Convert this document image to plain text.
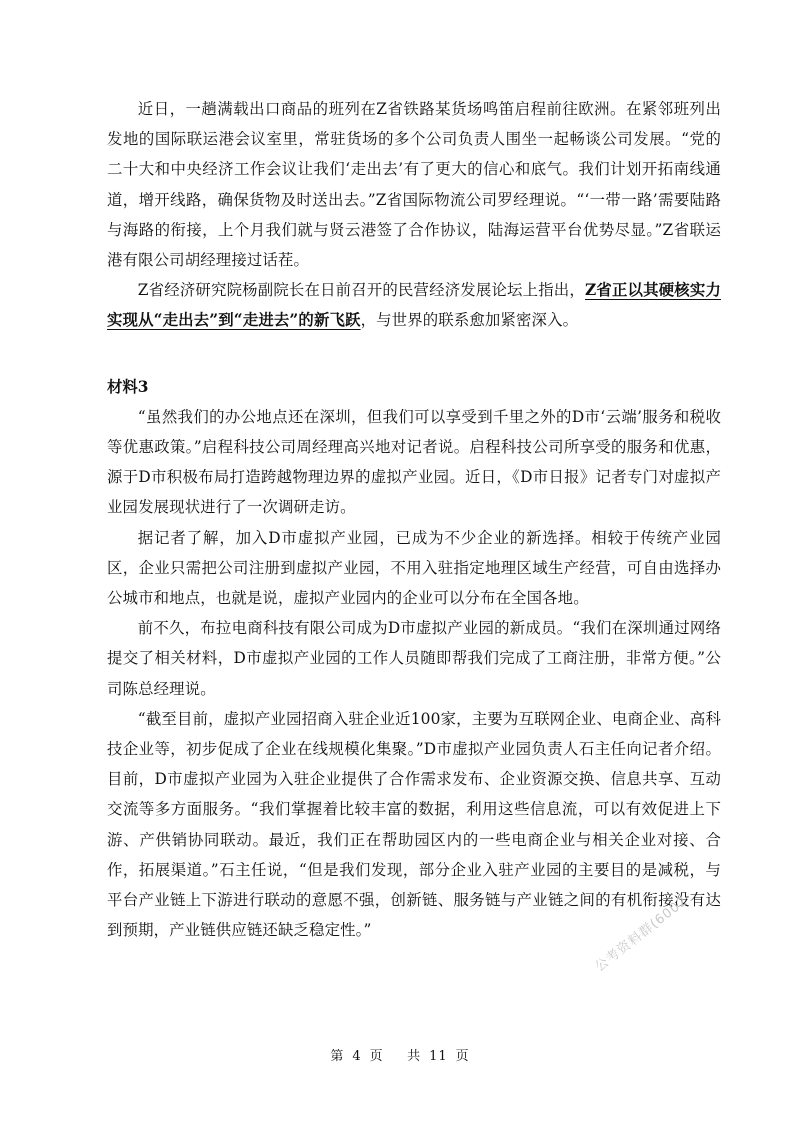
近日，一趟满载出口商品的班列在Z省铁路某货场鸣笛启程前往欧洲。在紧邻班列出发地的国际联运港会议室里，常驻货场的多个公司负责人围坐一起畅谈公司发展。“党的二十大和中央经济工作会议让我们‘走出去’有了更大的信心和底气。我们计划开拓南线通道，增开线路，确保货物及时送出去。”Z省国际物流公司罗经理说。“‘一带一路’需要陆路与海路的衔接，上个月我们就与贤云港签了合作协议，陆海运营平台优势尽显。”Z省联运港有限公司胡经理接过话茬。

Z省经济研究院杨副院长在日前召开的民营经济发展论坛上指出，Z省正以其硬核实力实现从“走出去”到“走进去”的新飞跃，与世界的联系愈加紧密深入。

材料3

“虽然我们的办公地点还在深圳，但我们可以享受到千里之外的D市‘云端’服务和税收等优惠政策。”启程科技公司周经理高兴地对记者说。启程科技公司所享受的服务和优惠，源于D市积极布局打造跨越物理边界的虚拟产业园。近日，《D市日报》记者专门对虚拟产业园发展现状进行了一次调研走访。

据记者了解，加入D市虚拟产业园，已成为不少企业的新选择。相较于传统产业园区，企业只需把公司注册到虚拟产业园，不用入驻指定地理区域生产经营，可自由选择办公城市和地点，也就是说，虚拟产业园内的企业可以分布在全国各地。

前不久，布拉电商科技有限公司成为D市虚拟产业园的新成员。“我们在深圳通过网络提交了相关材料，D市虚拟产业园的工作人员随即帮我们完成了工商注册，非常方便。”公司陈总经理说。

“截至目前，虚拟产业园招商入驻企业近100家，主要为互联网企业、电商企业、高科技企业等，初步促成了企业在线规模化集聚。”D市虚拟产业园负责人石主任向记者介绍。目前，D市虚拟产业园为入驻企业提供了合作需求发布、企业资源交换、信息共享、互动交流等多方面服务。“我们掌握着比较丰富的数据，利用这些信息流，可以有效促进上下游、产供销协同联动。最近，我们正在帮助园区内的一些电商企业与相关企业对接、合作，拓展渠道。”石主任说，“但是我们发现，部分企业入驻产业园的主要目的是减税，与平台产业链上下游进行联动的意愿不强，创新链、服务链与产业链之间的有机衔接没有达到预期，产业链供应链还缺乏稳定性。”	公考资料群(6002
第 4 页 共 11 页
